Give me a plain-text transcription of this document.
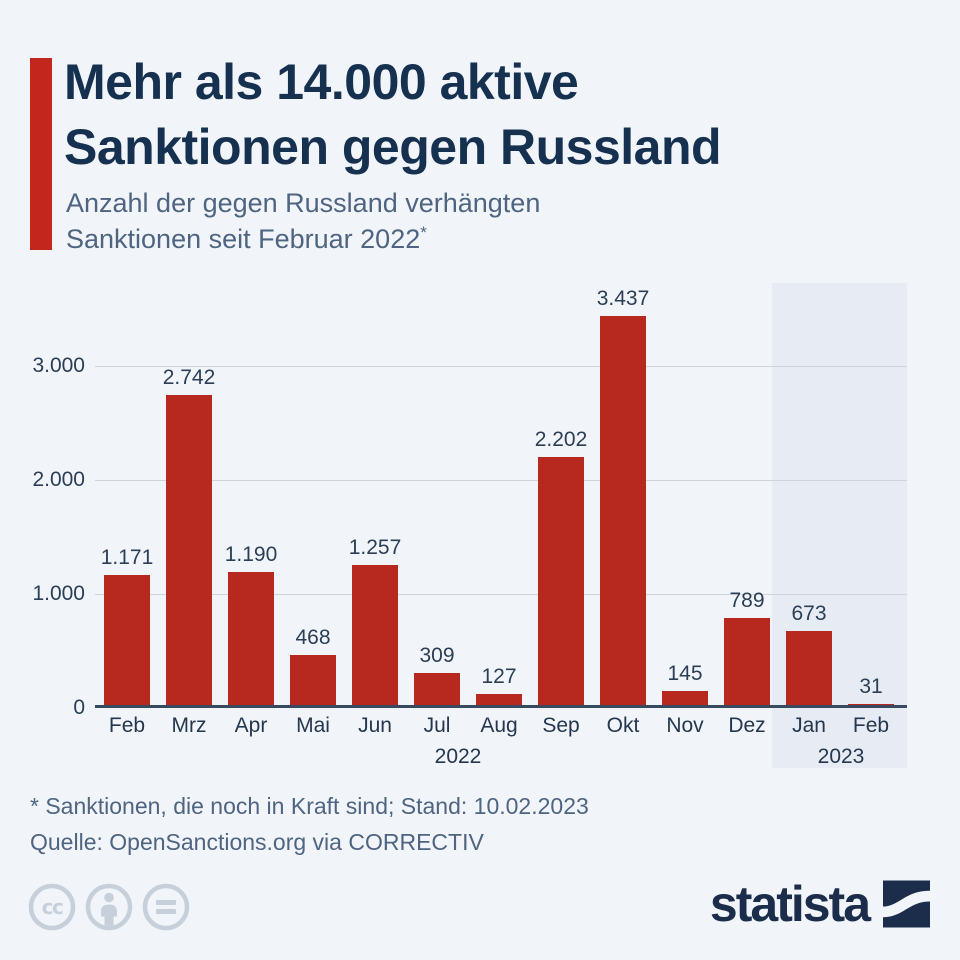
Mehr als 14.000 aktive
Sanktionen gegen Russland
Anzahl der gegen Russland verhängten
Sanktionen seit Februar 2022*
0
1.000
2.000
3.000
1.171
2.742
1.190
468
1.257
309
127
2.202
3.437
145
789
673
31
Feb	Mrz	Apr	Mai	Jun	Jul	Aug	Sep	Okt	Nov	Dez	Jan	Feb
2022	2023
* Sanktionen, die noch in Kraft sind; Stand: 10.02.2023
Quelle: OpenSanctions.org via CORRECTIV
cc	statista
